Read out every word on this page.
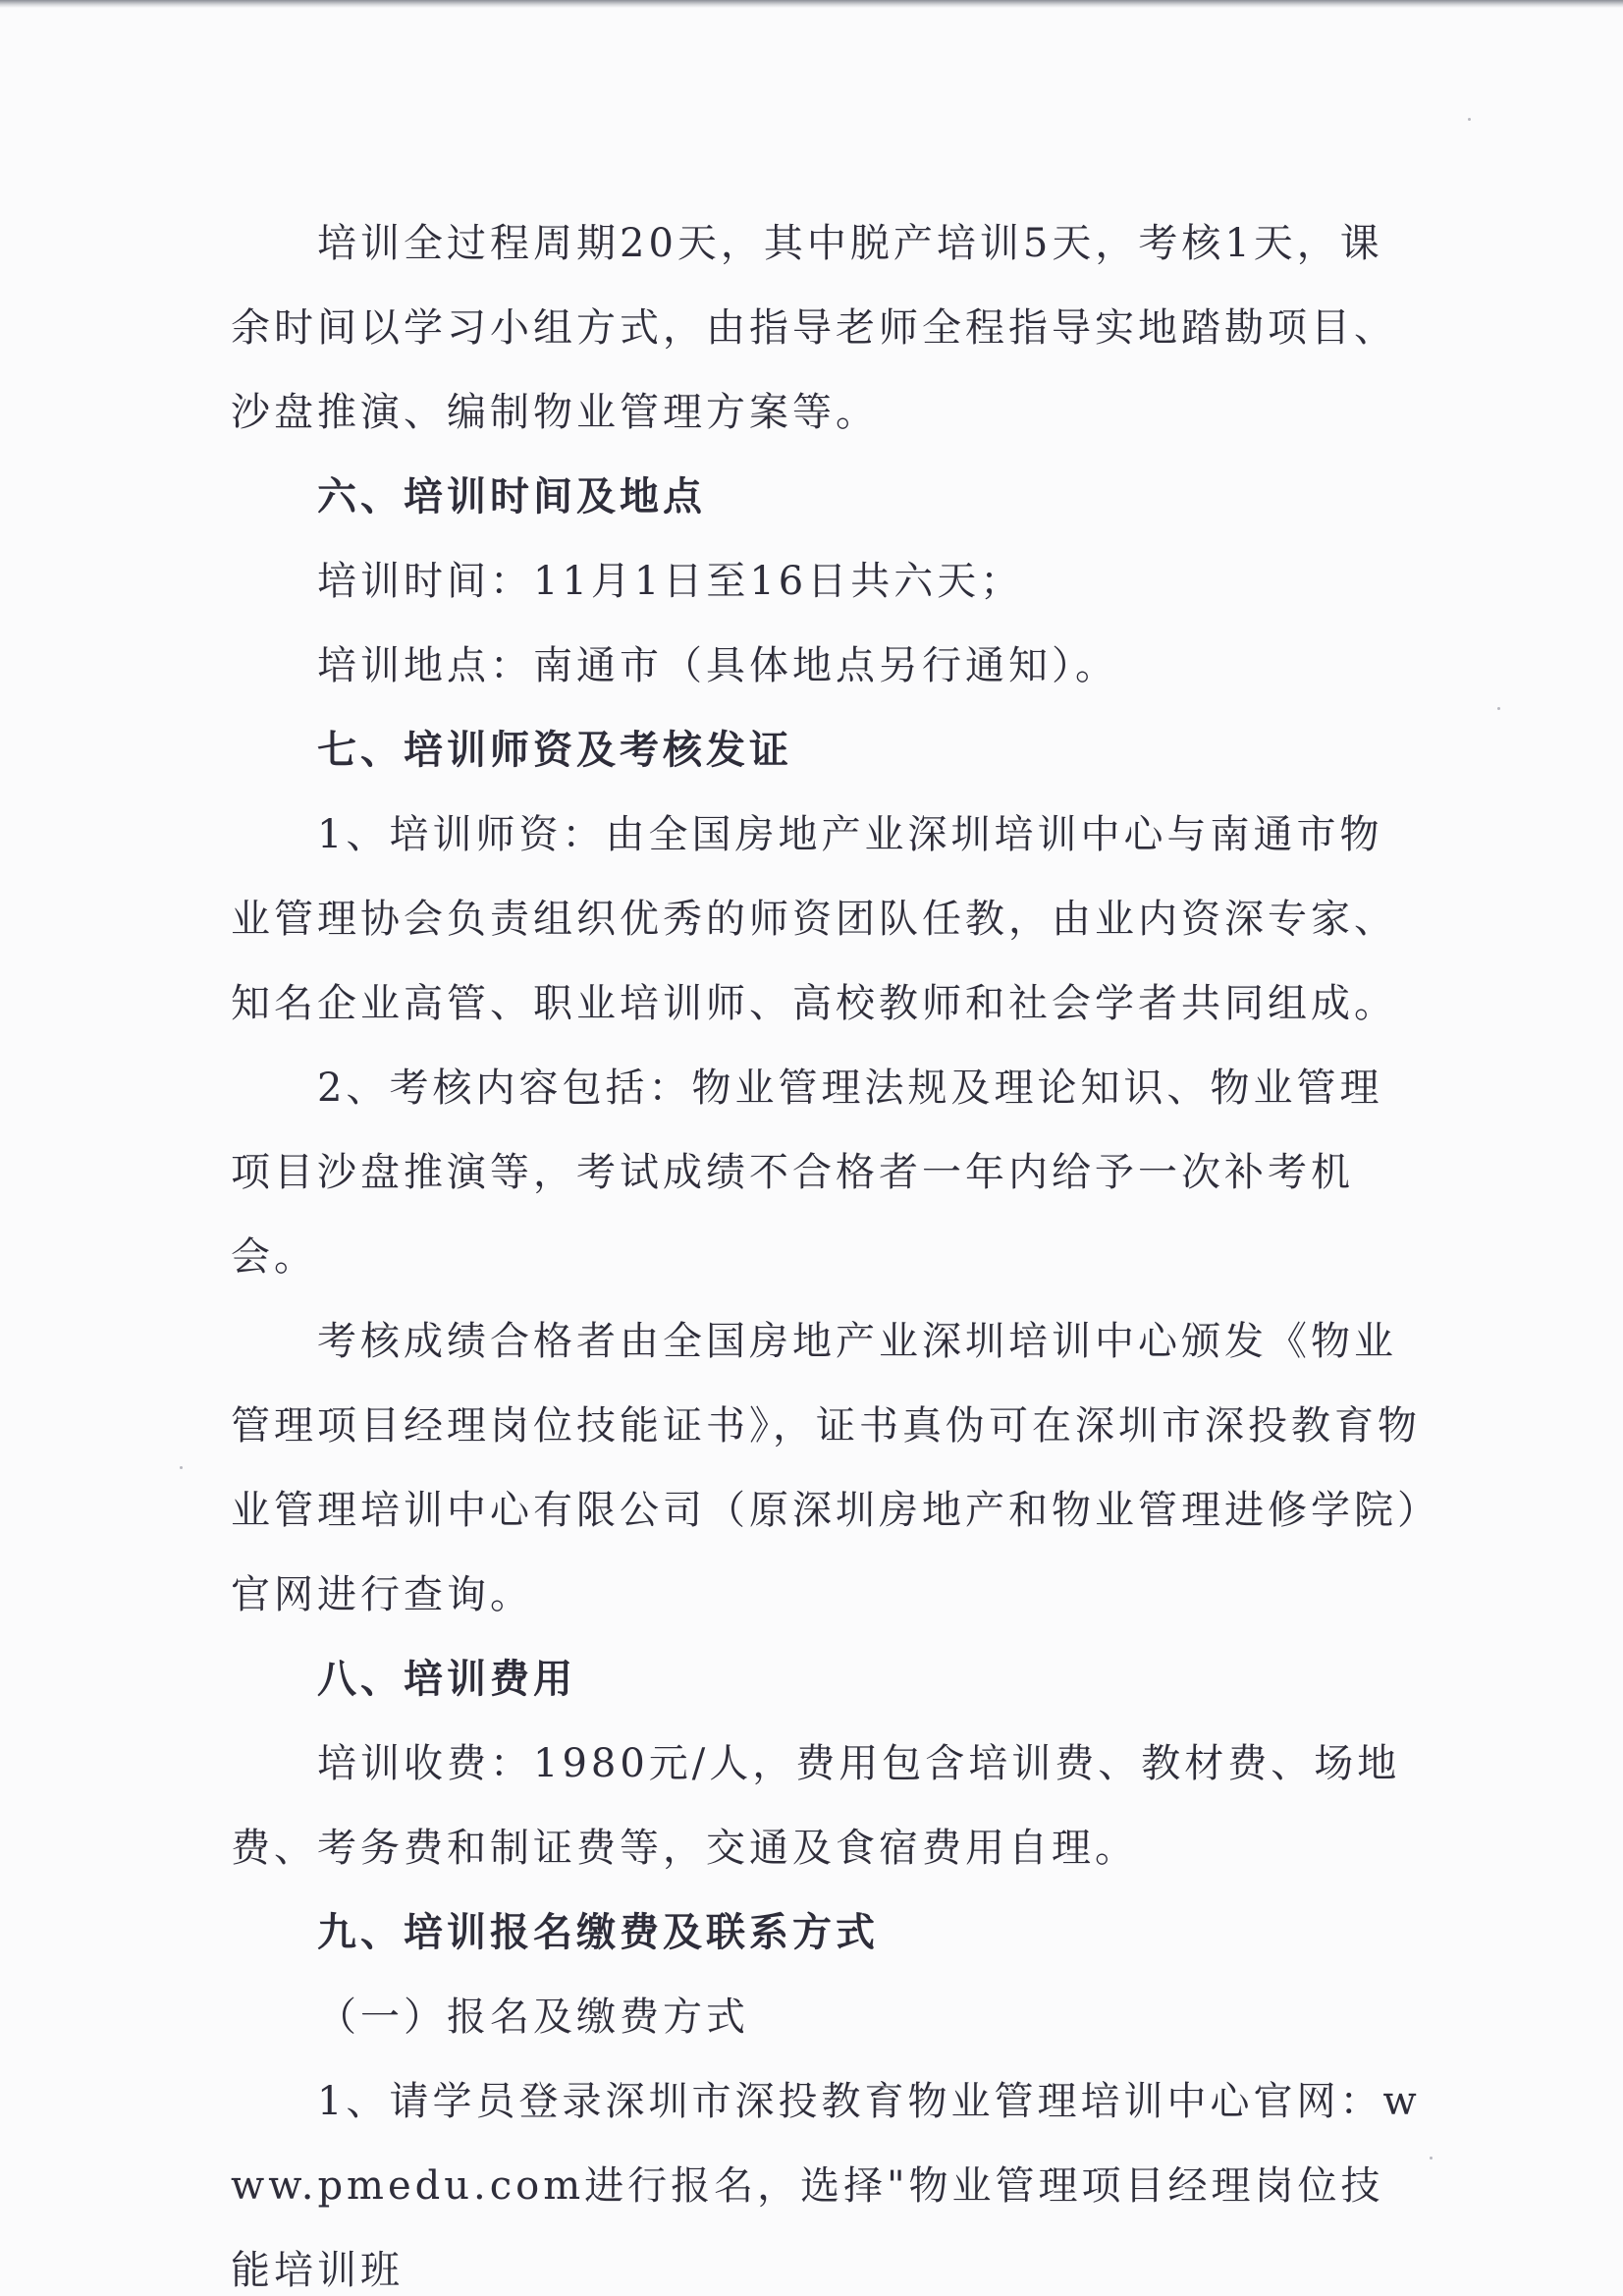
培训全过程周期20天，其中脱产培训5天，考核1天，课余时间以学习小组方式，由指导老师全程指导实地踏勘项目、沙盘推演、编制物业管理方案等。

六、培训时间及地点

培训时间：11月1日至16日共六天；

培训地点：南通市（具体地点另行通知）。

七、培训师资及考核发证

1、培训师资：由全国房地产业深圳培训中心与南通市物业管理协会负责组织优秀的师资团队任教，由业内资深专家、知名企业高管、职业培训师、高校教师和社会学者共同组成。

2、考核内容包括：物业管理法规及理论知识、物业管理项目沙盘推演等，考试成绩不合格者一年内给予一次补考机会。

考核成绩合格者由全国房地产业深圳培训中心颁发《物业管理项目经理岗位技能证书》，证书真伪可在深圳市深投教育物业管理培训中心有限公司（原深圳房地产和物业管理进修学院）官网进行查询。

八、培训费用

培训收费：1980元/人，费用包含培训费、教材费、场地费、考务费和制证费等，交通及食宿费用自理。

九、培训报名缴费及联系方式

（一）报名及缴费方式

1、请学员登录深圳市深投教育物业管理培训中心官网：www.pmedu.com进行报名，选择"物业管理项目经理岗位技能培训班
